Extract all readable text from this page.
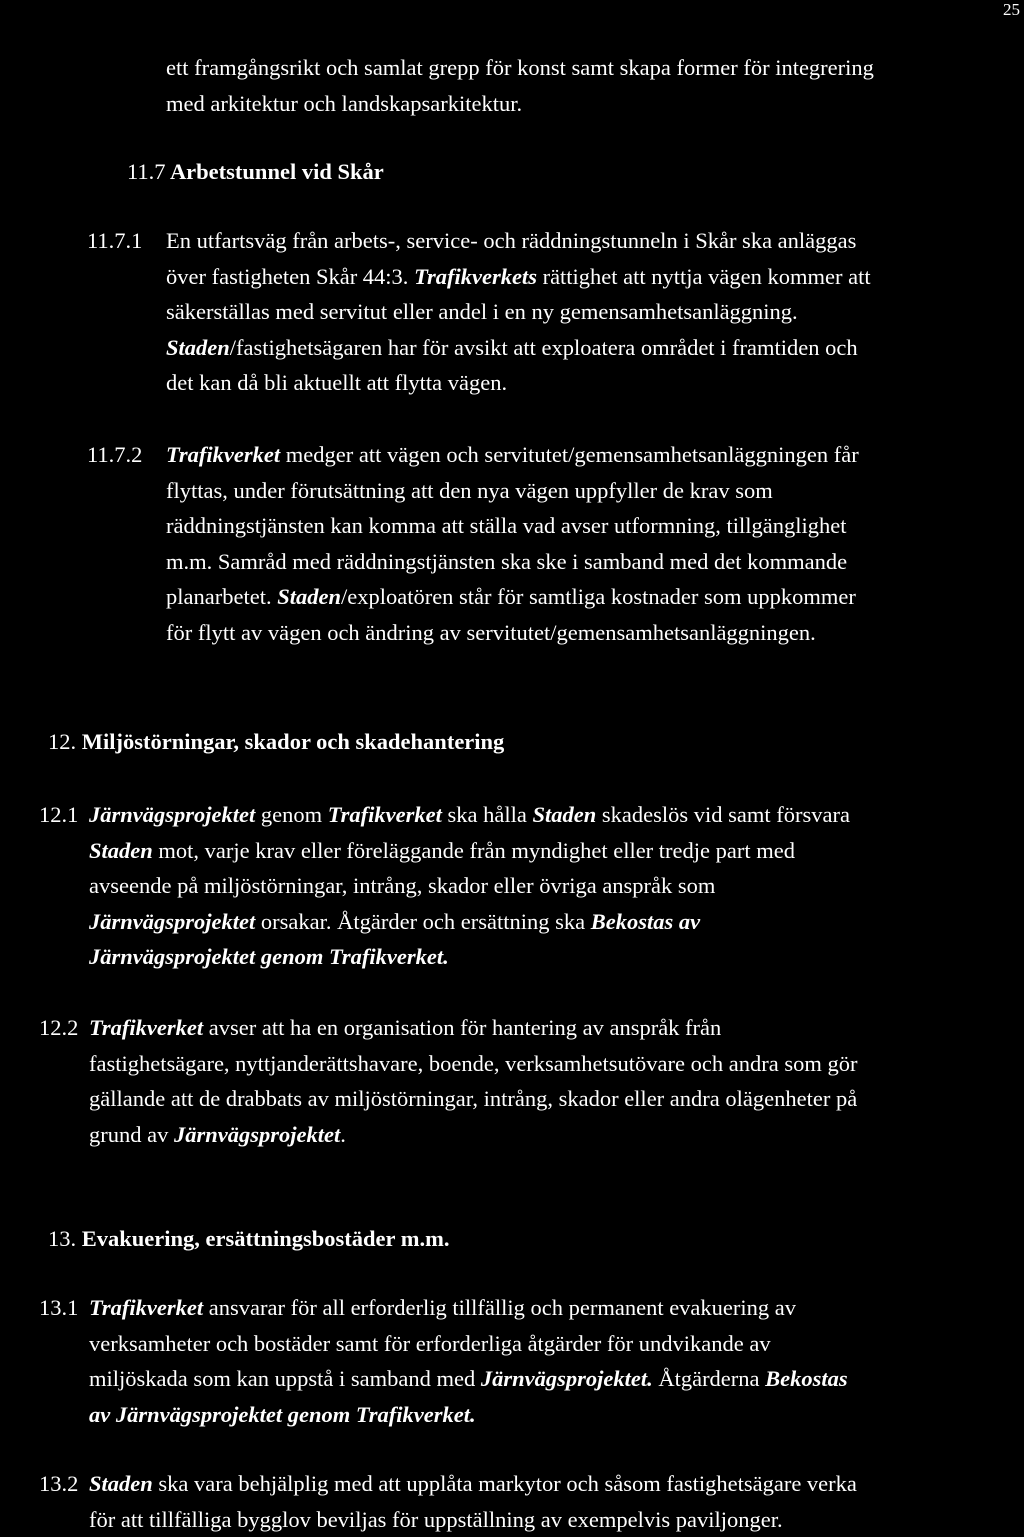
25

ett framgångsrikt och samlat grepp för konst samt skapa former för integrering

med arkitektur och landskapsarkitektur.

11.7 Arbetstunnel vid Skår
11.7.1 En utfartsväg från arbets-, service- och räddningstunneln i Skår ska anläggas

över fastigheten Skår 44:3. Trafikverkets rättighet att nyttja vägen kommer att

säkerställas med servitut eller andel i en ny gemensamhetsanläggning.

Staden/fastighetsägaren har för avsikt att exploatera området i framtiden och

det kan då bli aktuellt att flytta vägen.

11.7.2 Trafikverket medger att vägen och servitutet/gemensamhetsanläggningen får

flyttas, under förutsättning att den nya vägen uppfyller de krav som

räddningstjänsten kan komma att ställa vad avser utformning, tillgänglighet

m.m. Samråd med räddningstjänsten ska ske i samband med det kommande

planarbetet. Staden/exploatören står för samtliga kostnader som uppkommer

för flytt av vägen och ändring av servitutet/gemensamhetsanläggningen.

12. Miljöstörningar, skador och skadehantering
12.1 Järnvägsprojektet genom Trafikverket ska hålla Staden skadeslös vid samt försvara

Staden mot, varje krav eller föreläggande från myndighet eller tredje part med

avseende på miljöstörningar, intrång, skador eller övriga anspråk som

Järnvägsprojektet orsakar. Åtgärder och ersättning ska Bekostas av

Järnvägsprojektet genom Trafikverket.

12.2 Trafikverket avser att ha en organisation för hantering av anspråk från

fastighetsägare, nyttjanderättshavare, boende, verksamhetsutövare och andra som gör

gällande att de drabbats av miljöstörningar, intrång, skador eller andra olägenheter på

grund av Järnvägsprojektet.

13. Evakuering, ersättningsbostäder m.m.
13.1 Trafikverket ansvarar för all erforderlig tillfällig och permanent evakuering av

verksamheter och bostäder samt för erforderliga åtgärder för undvikande av

miljöskada som kan uppstå i samband med Järnvägsprojektet. Åtgärderna Bekostas

av Järnvägsprojektet genom Trafikverket.

13.2 Staden ska vara behjälplig med att upplåta markytor och såsom fastighetsägare verka

för att tillfälliga bygglov beviljas för uppställning av exempelvis paviljonger.
